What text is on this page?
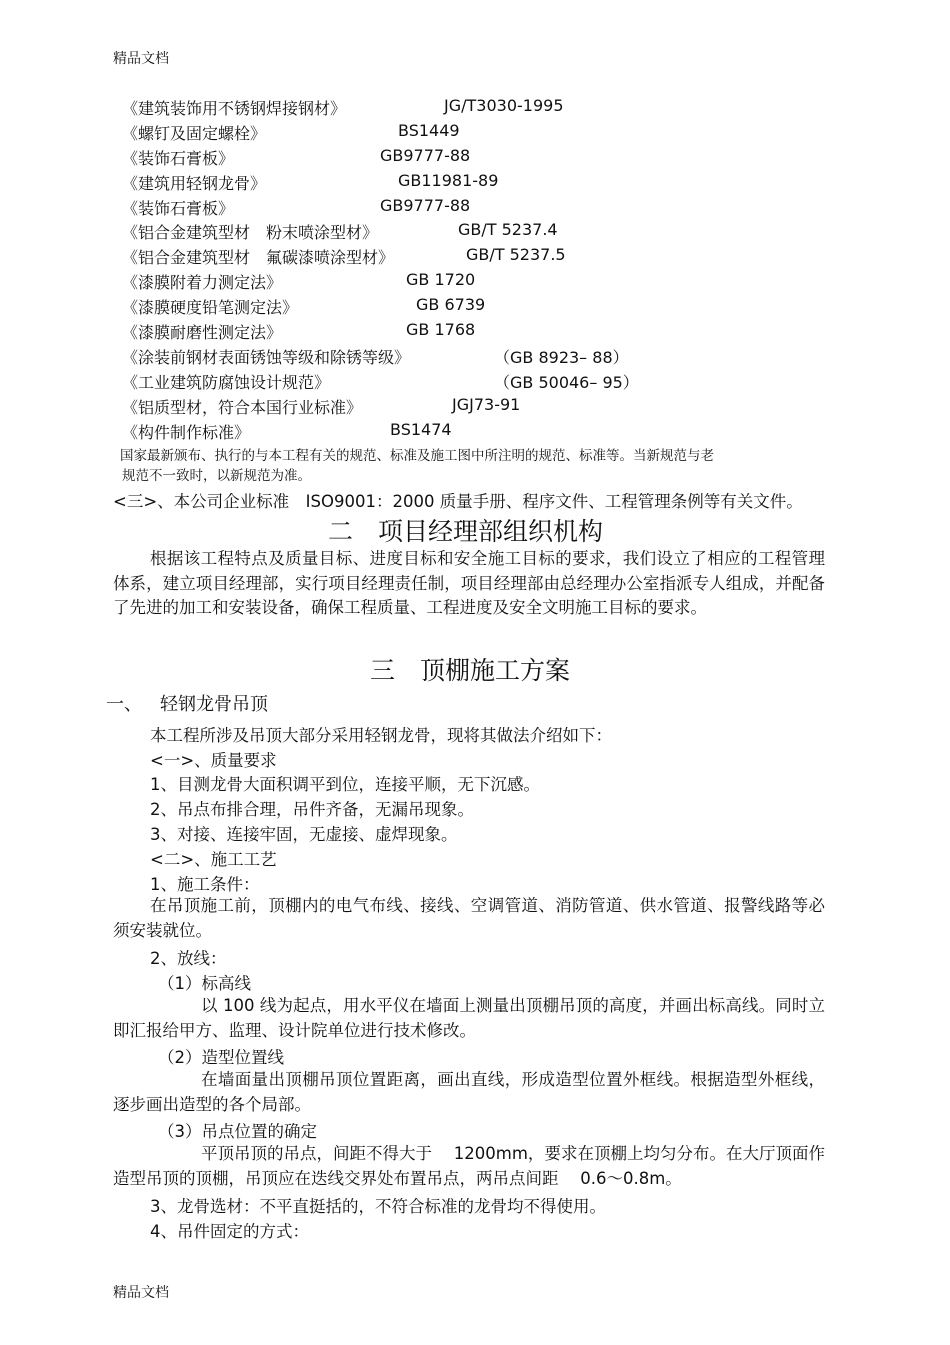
精品文档
《建筑装饰用不锈钢焊接钢材》	JG/T3030-1995
《螺钉及固定螺栓》	BS1449
《装饰石膏板》	GB9777-88
《建筑用轻钢龙骨》	GB11981-89
《装饰石膏板》	GB9777-88
《铝合金建筑型材　粉末喷涂型材》	GB/T 5237.4
《铝合金建筑型材　氟碳漆喷涂型材》	GB/T 5237.5
《漆膜附着力测定法》	GB 1720
《漆膜硬度铅笔测定法》	GB 6739
《漆膜耐磨性测定法》	GB 1768
《涂装前钢材表面锈蚀等级和除锈等级》	（GB 8923– 88）
《工业建筑防腐蚀设计规范》	（GB 50046– 95）
《铝质型材，符合本国行业标准》	JGJ73-91
《构件制作标准》	BS1474
国家最新颁布、执行的与本工程有关的规范、标准及施工图中所注明的规范、标准等。当新规范与老
规范不一致时，以新规范为准。
<三>、本公司企业标准　ISO9001：2000 质量手册、程序文件、工程管理条例等有关文件。
二　项目经理部组织机构
根据该工程特点及质量目标、进度目标和安全施工目标的要求，我们设立了相应的工程管理体系，建立项目经理部，实行项目经理责任制，项目经理部由总经理办公室指派专人组成，并配备了先进的加工和安装设备，确保工程质量、工程进度及安全文明施工目标的要求。
三　顶棚施工方案
一、 轻钢龙骨吊顶
本工程所涉及吊顶大部分采用轻钢龙骨，现将其做法介绍如下：
<一>、质量要求
1、目测龙骨大面积调平到位，连接平顺，无下沉感。
2、吊点布排合理，吊件齐备，无漏吊现象。
3、对接、连接牢固，无虚接、虚焊现象。
<二>、施工工艺
1、施工条件：
在吊顶施工前，顶棚内的电气布线、接线、空调管道、消防管道、供水管道、报警线路等必须安装就位。
2、放线：
（1）标高线
以 100 线为起点，用水平仪在墙面上测量出顶棚吊顶的高度，并画出标高线。同时立即汇报给甲方、监理、设计院单位进行技术修改。
（2）造型位置线
在墙面量出顶棚吊顶位置距离，画出直线，形成造型位置外框线。根据造型外框线，逐步画出造型的各个局部。
（3）吊点位置的确定
平顶吊顶的吊点，间距不得大于　 1200mm，要求在顶棚上均匀分布。在大厅顶面作造型吊顶的顶棚，吊顶应在迭线交界处布置吊点，两吊点间距　 0.6～0.8m。
3、龙骨选材：不平直挺括的，不符合标准的龙骨均不得使用。
4、吊件固定的方式：
精品文档
